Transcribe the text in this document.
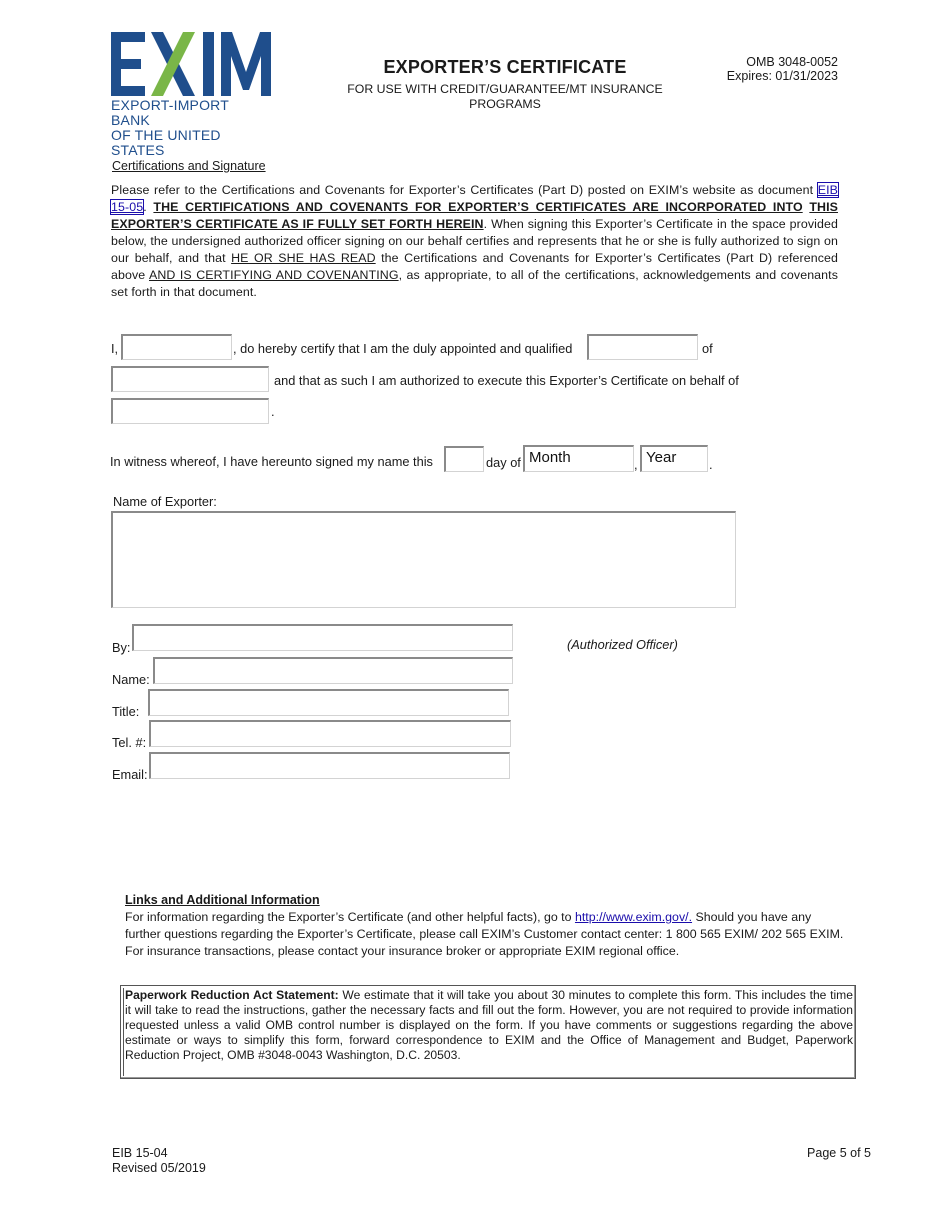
EXPORT-IMPORT BANK
OF THE UNITED STATES
EXPORTER’S CERTIFICATE
FOR USE WITH CREDIT/GUARANTEE/MT INSURANCE
PROGRAMS
OMB 3048-0052
Expires: 01/31/2023
Certifications and Signature
Please refer to the Certifications and Covenants for Exporter’s Certificates (Part D) posted on EXIM’s website as document EIB 15-05. THE CERTIFICATIONS AND COVENANTS FOR EXPORTER’S CERTIFICATES ARE INCORPORATED INTO THIS EXPORTER’S CERTIFICATE AS IF FULLY SET FORTH HEREIN. When signing this Exporter’s Certificate in the space provided below, the undersigned authorized officer signing on our behalf certifies and represents that he or she is fully authorized to sign on our behalf, and that HE OR SHE HAS READ the Certifications and Covenants for Exporter’s Certificates (Part D) referenced above AND IS CERTIFYING AND COVENANTING, as appropriate, to all of the certifications, acknowledgements and covenants set forth in that document.
I,	, do hereby certify that I am the duly appointed and qualified	of
and that as such I am authorized to execute this Exporter’s Certificate on behalf of
.
In witness whereof, I have hereunto signed my name this	day of Month	, Year	.
Name of Exporter:
By:	(Authorized Officer)
Name:
Title:
Tel. #:
Email:
Links and Additional Information
For information regarding the Exporter’s Certificate (and other helpful facts), go to http://www.exim.gov/. Should you have any further questions regarding the Exporter’s Certificate, please call EXIM’s Customer contact center: 1 800 565 EXIM/ 202 565 EXIM. For insurance transactions, please contact your insurance broker or appropriate EXIM regional office.
Paperwork Reduction Act Statement: We estimate that it will take you about 30 minutes to complete this form. This includes the time it will take to read the instructions, gather the necessary facts and fill out the form. However, you are not required to provide information requested unless a valid OMB control number is displayed on the form. If you have comments or suggestions regarding the above estimate or ways to simplify this form, forward correspondence to EXIM and the Office of Management and Budget, Paperwork Reduction Project, OMB #3048-0043 Washington, D.C. 20503.
EIB 15-04
Revised 05/2019
Page 5 of 5
